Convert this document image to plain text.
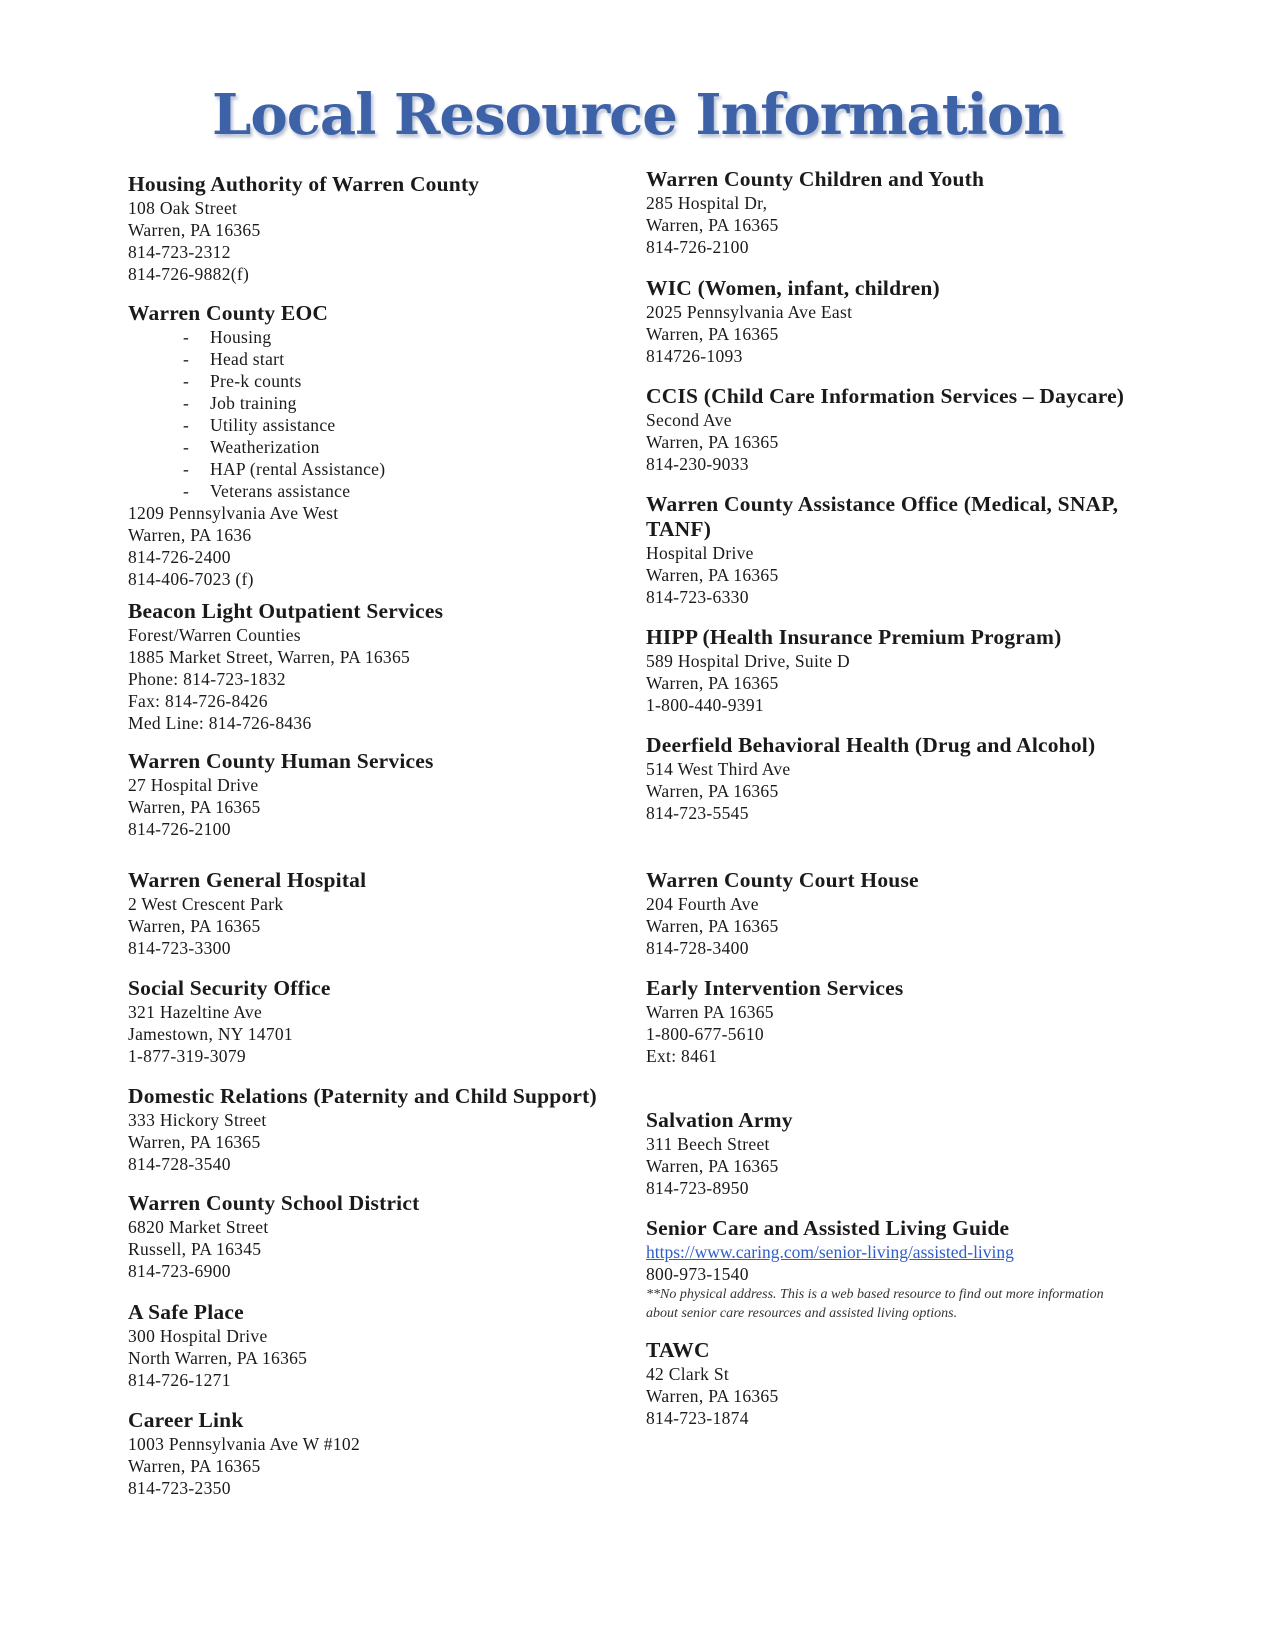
Local Resource Information
Housing Authority of Warren County
108 Oak Street
Warren, PA 16365
814-723-2312
814-726-9882(f)
Warren County EOC
- Housing
- Head start
- Pre-k counts
- Job training
- Utility assistance
- Weatherization
- HAP (rental Assistance)
- Veterans assistance
1209 Pennsylvania Ave West
Warren, PA 1636
814-726-2400
814-406-7023 (f)
Beacon Light Outpatient Services
Forest/Warren Counties
1885 Market Street, Warren, PA 16365
Phone: 814-723-1832
Fax: 814-726-8426
Med Line: 814-726-8436
Warren County Human Services
27 Hospital Drive
Warren, PA 16365
814-726-2100
Warren General Hospital
2 West Crescent Park
Warren, PA 16365
814-723-3300
Social Security Office
321 Hazeltine Ave
Jamestown, NY 14701
1-877-319-3079
Domestic Relations (Paternity and Child Support)
333 Hickory Street
Warren, PA 16365
814-728-3540
Warren County School District
6820 Market Street
Russell, PA 16345
814-723-6900
A Safe Place
300 Hospital Drive
North Warren, PA 16365
814-726-1271
Career Link
1003 Pennsylvania Ave W #102
Warren, PA 16365
814-723-2350
Warren County Children and Youth
285 Hospital Dr,
Warren, PA 16365
814-726-2100
WIC (Women, infant, children)
2025 Pennsylvania Ave East
Warren, PA 16365
814726-1093
CCIS (Child Care Information Services – Daycare)
Second Ave
Warren, PA 16365
814-230-9033
Warren County Assistance Office (Medical, SNAP, TANF)
Hospital Drive
Warren, PA 16365
814-723-6330
HIPP (Health Insurance Premium Program)
589 Hospital Drive, Suite D
Warren, PA 16365
1-800-440-9391
Deerfield Behavioral Health (Drug and Alcohol)
514 West Third Ave
Warren, PA 16365
814-723-5545
Warren County Court House
204 Fourth Ave
Warren, PA 16365
814-728-3400
Early Intervention Services
Warren PA 16365
1-800-677-5610
Ext: 8461
Salvation Army
311 Beech Street
Warren, PA 16365
814-723-8950
Senior Care and Assisted Living Guide
https://www.caring.com/senior-living/assisted-living
800-973-1540
**No physical address. This is a web based resource to find out more information about senior care resources and assisted living options.
TAWC
42 Clark St
Warren, PA 16365
814-723-1874
